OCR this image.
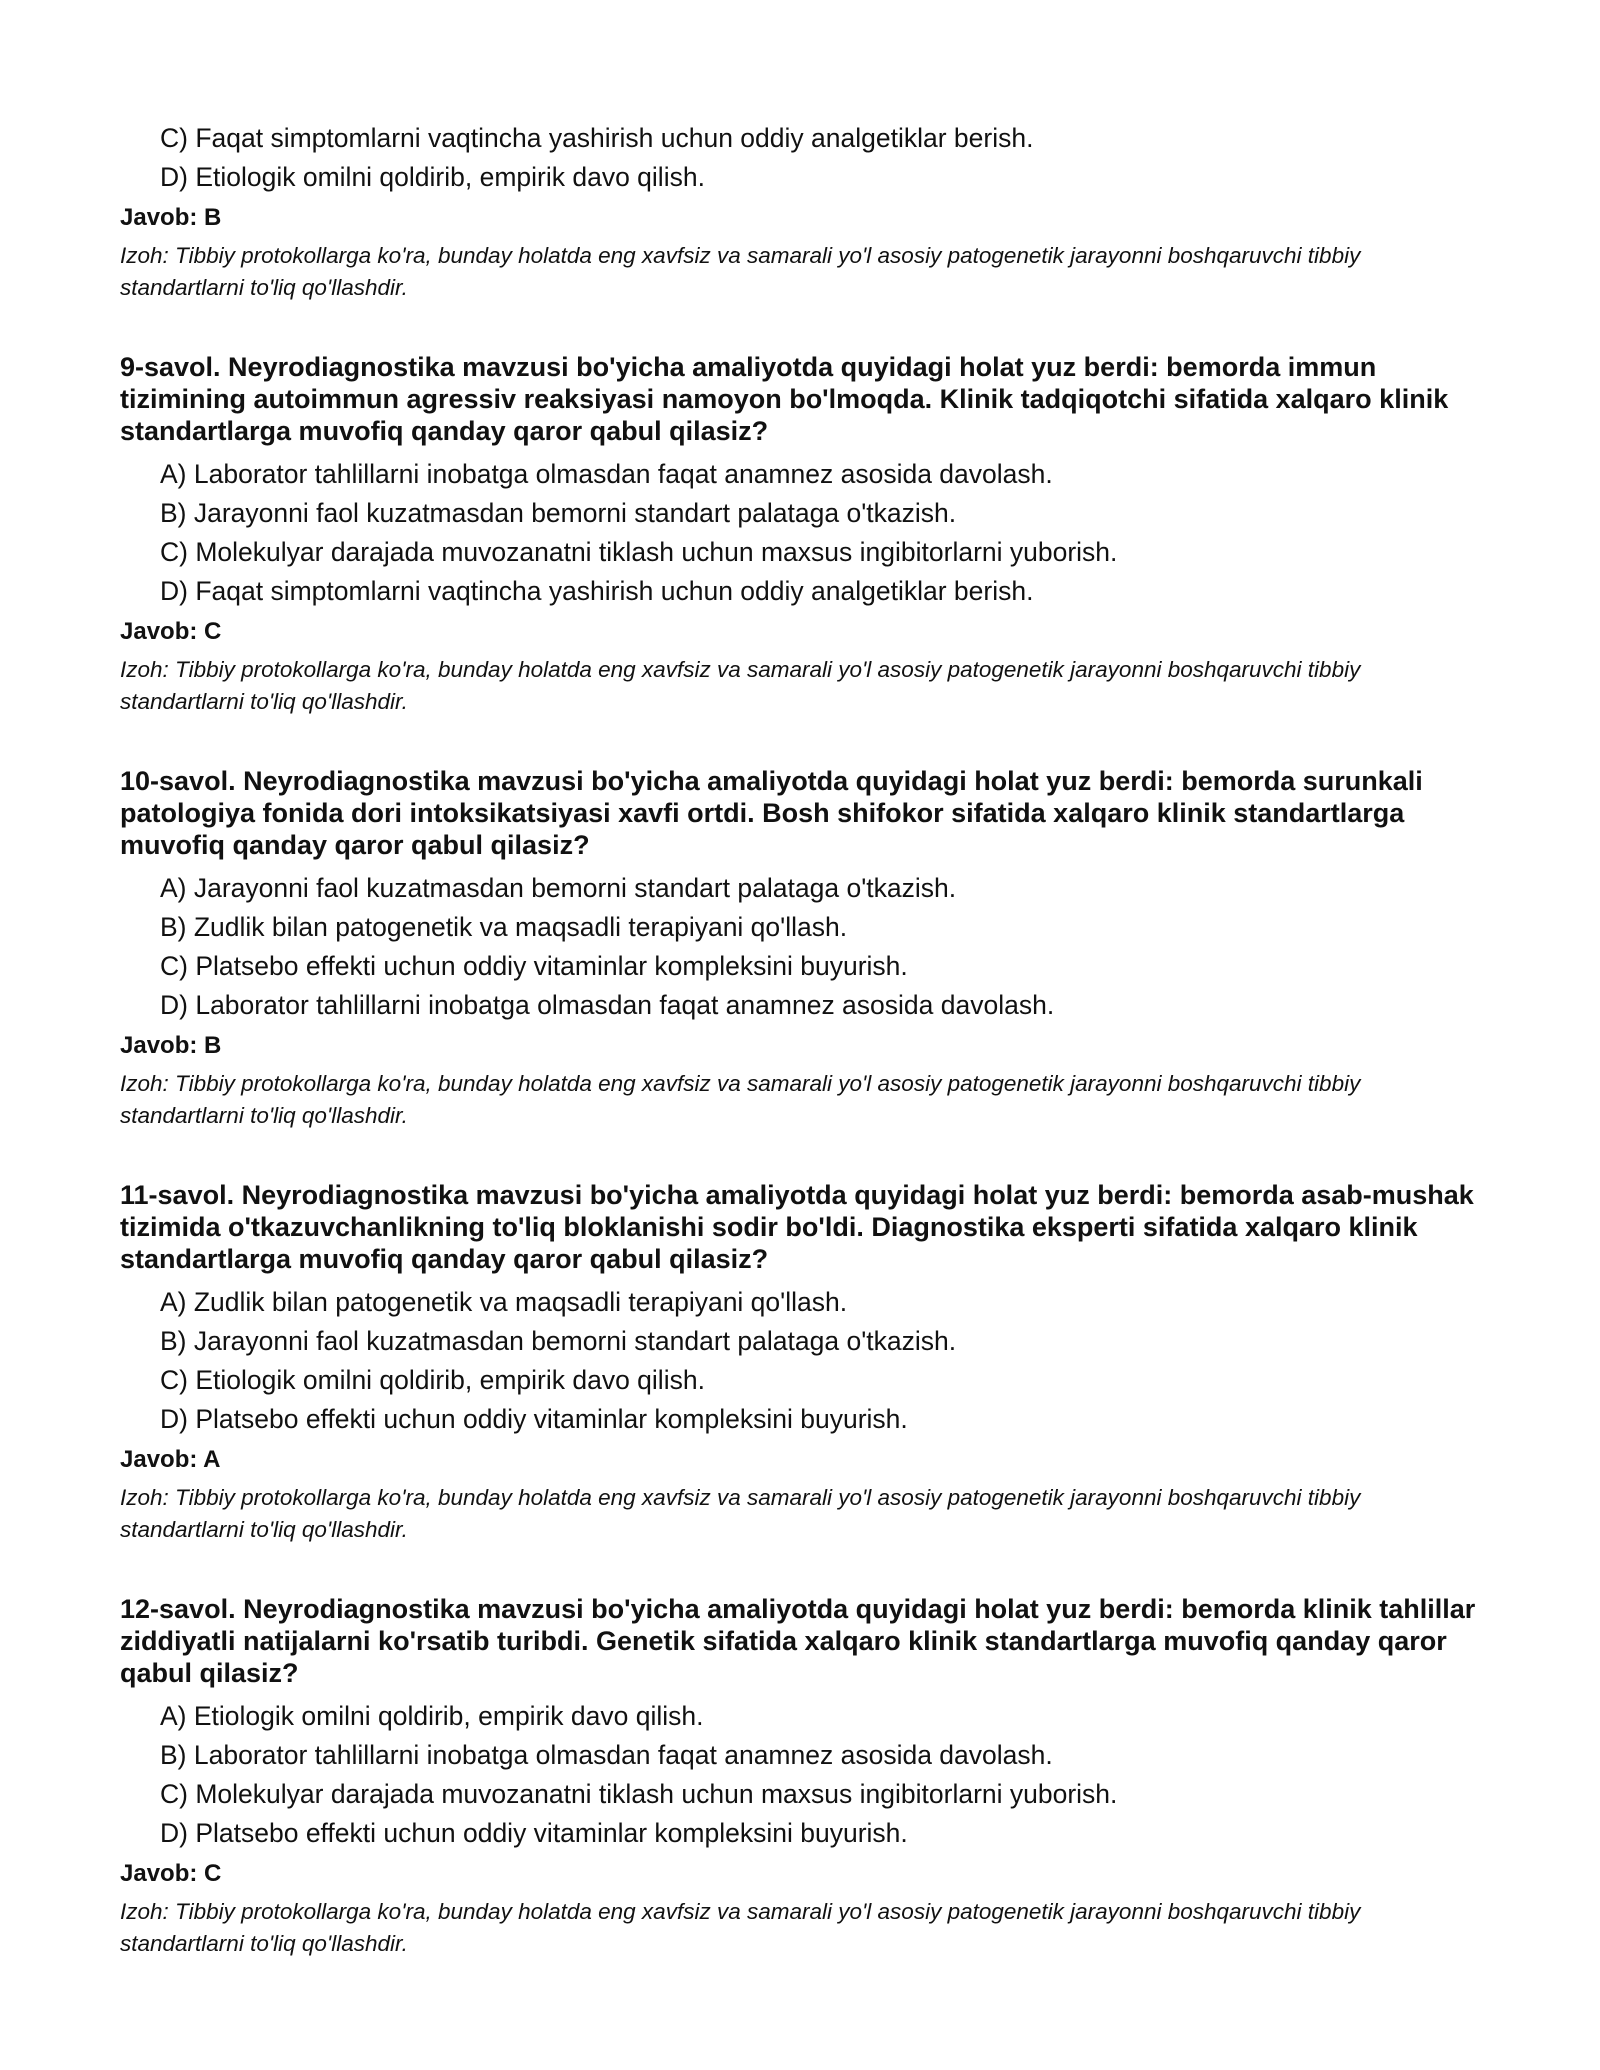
C) Faqat simptomlarni vaqtincha yashirish uchun oddiy analgetiklar berish.
D) Etiologik omilni qoldirib, empirik davo qilish.
Javob: B
Izoh: Tibbiy protokollarga ko'ra, bunday holatda eng xavfsiz va samarali yo'l asosiy patogenetik jarayonni boshqaruvchi tibbiy standartlarni to'liq qo'llashdir.
9-savol. Neyrodiagnostika mavzusi bo'yicha amaliyotda quyidagi holat yuz berdi: bemorda immun tizimining autoimmun agressiv reaksiyasi namoyon bo'lmoqda. Klinik tadqiqotchi sifatida xalqaro klinik standartlarga muvofiq qanday qaror qabul qilasiz?
A) Laborator tahlillarni inobatga olmasdan faqat anamnez asosida davolash.
B) Jarayonni faol kuzatmasdan bemorni standart palataga o'tkazish.
C) Molekulyar darajada muvozanatni tiklash uchun maxsus ingibitorlarni yuborish.
D) Faqat simptomlarni vaqtincha yashirish uchun oddiy analgetiklar berish.
Javob: C
Izoh: Tibbiy protokollarga ko'ra, bunday holatda eng xavfsiz va samarali yo'l asosiy patogenetik jarayonni boshqaruvchi tibbiy standartlarni to'liq qo'llashdir.
10-savol. Neyrodiagnostika mavzusi bo'yicha amaliyotda quyidagi holat yuz berdi: bemorda surunkali patologiya fonida dori intoksikatsiyasi xavfi ortdi. Bosh shifokor sifatida xalqaro klinik standartlarga muvofiq qanday qaror qabul qilasiz?
A) Jarayonni faol kuzatmasdan bemorni standart palataga o'tkazish.
B) Zudlik bilan patogenetik va maqsadli terapiyani qo'llash.
C) Platsebo effekti uchun oddiy vitaminlar kompleksini buyurish.
D) Laborator tahlillarni inobatga olmasdan faqat anamnez asosida davolash.
Javob: B
Izoh: Tibbiy protokollarga ko'ra, bunday holatda eng xavfsiz va samarali yo'l asosiy patogenetik jarayonni boshqaruvchi tibbiy standartlarni to'liq qo'llashdir.
11-savol. Neyrodiagnostika mavzusi bo'yicha amaliyotda quyidagi holat yuz berdi: bemorda asab-mushak tizimida o'tkazuvchanlikning to'liq bloklanishi sodir bo'ldi. Diagnostika eksperti sifatida xalqaro klinik standartlarga muvofiq qanday qaror qabul qilasiz?
A) Zudlik bilan patogenetik va maqsadli terapiyani qo'llash.
B) Jarayonni faol kuzatmasdan bemorni standart palataga o'tkazish.
C) Etiologik omilni qoldirib, empirik davo qilish.
D) Platsebo effekti uchun oddiy vitaminlar kompleksini buyurish.
Javob: A
Izoh: Tibbiy protokollarga ko'ra, bunday holatda eng xavfsiz va samarali yo'l asosiy patogenetik jarayonni boshqaruvchi tibbiy standartlarni to'liq qo'llashdir.
12-savol. Neyrodiagnostika mavzusi bo'yicha amaliyotda quyidagi holat yuz berdi: bemorda klinik tahlillar ziddiyatli natijalarni ko'rsatib turibdi. Genetik sifatida xalqaro klinik standartlarga muvofiq qanday qaror qabul qilasiz?
A) Etiologik omilni qoldirib, empirik davo qilish.
B) Laborator tahlillarni inobatga olmasdan faqat anamnez asosida davolash.
C) Molekulyar darajada muvozanatni tiklash uchun maxsus ingibitorlarni yuborish.
D) Platsebo effekti uchun oddiy vitaminlar kompleksini buyurish.
Javob: C
Izoh: Tibbiy protokollarga ko'ra, bunday holatda eng xavfsiz va samarali yo'l asosiy patogenetik jarayonni boshqaruvchi tibbiy standartlarni to'liq qo'llashdir.
